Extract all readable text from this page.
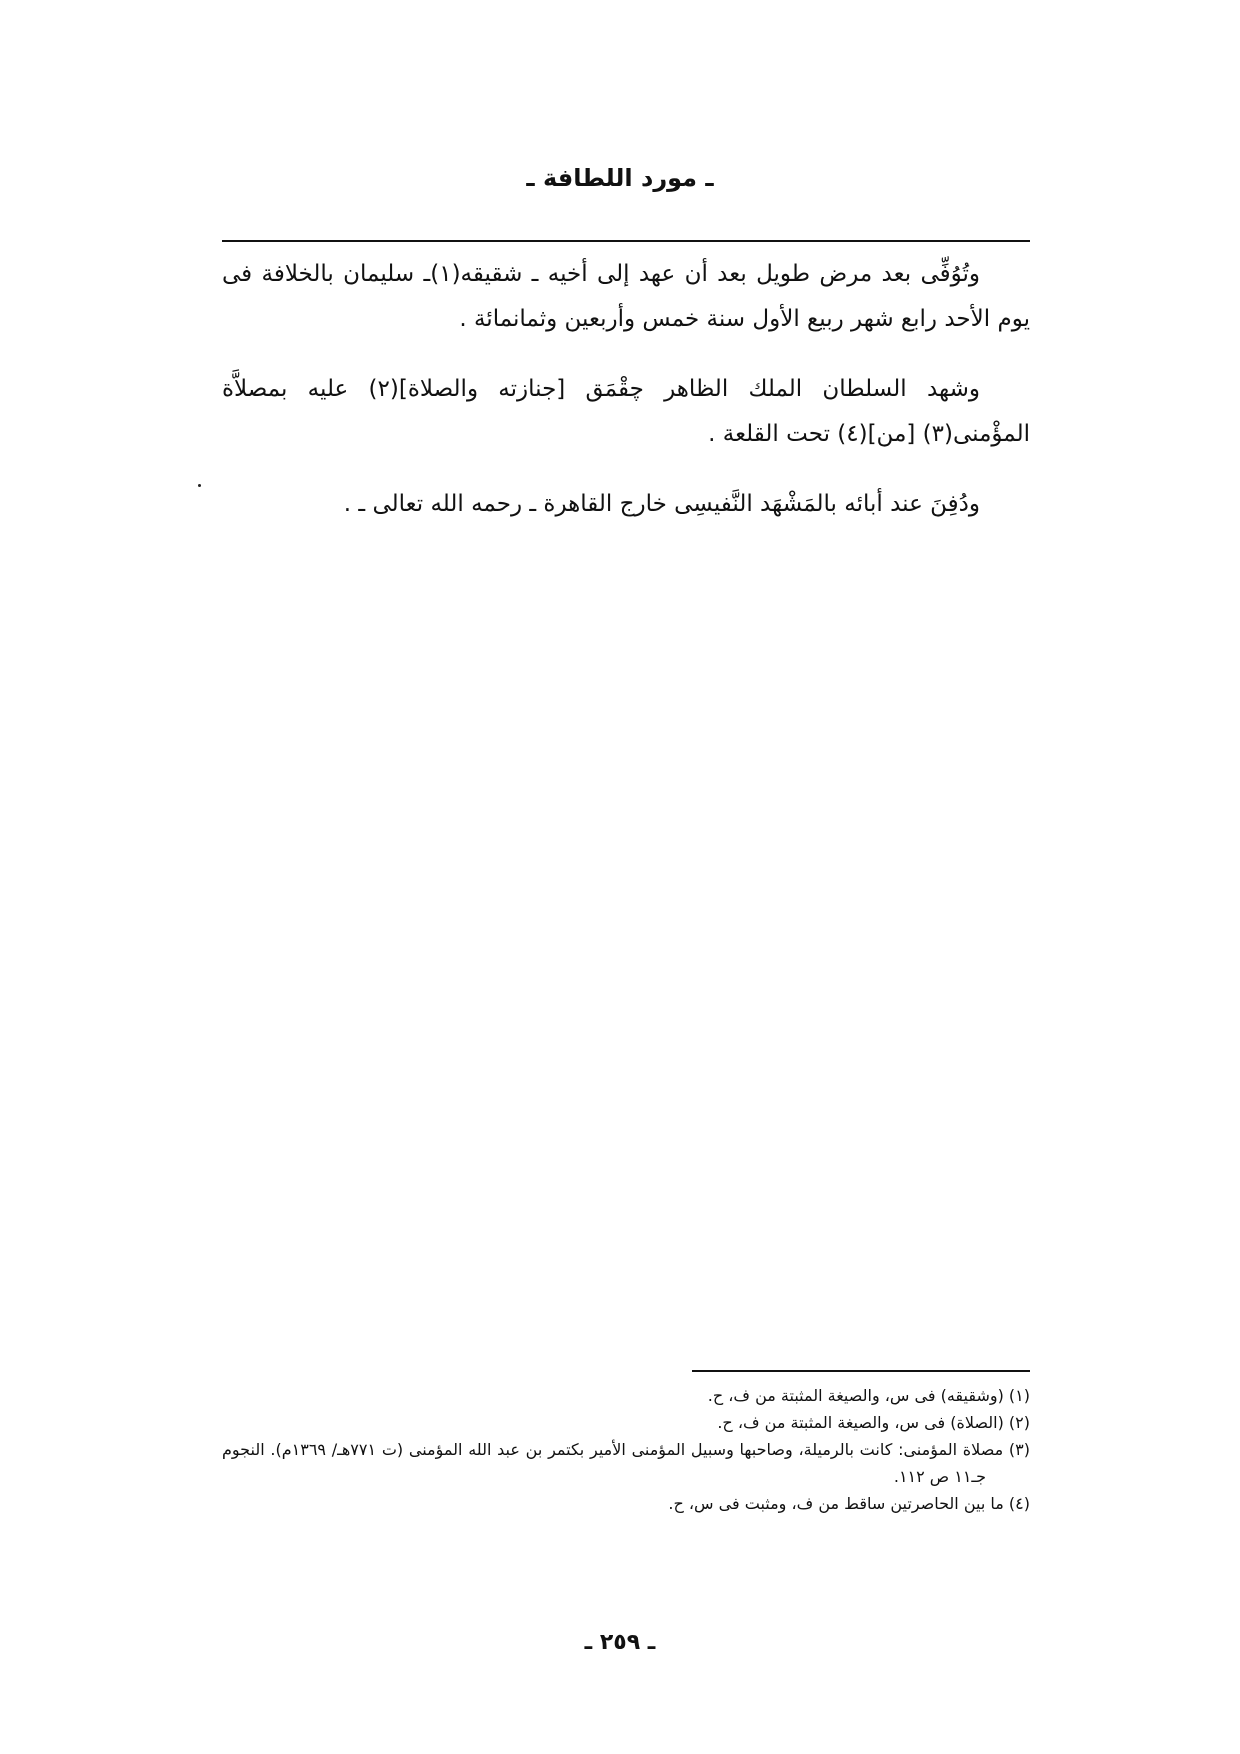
ـ مورد اللطافة ـ

وتُوُفِّى بعد مرض طويل بعد أن عهد إلى أخيه ـ شقيقه(١)ـ سليمان بالخلافة فى يوم الأحد رابع شهر ربيع الأول سنة خمس وأربعين وثمانمائة .

وشهد السلطان الملك الظاهر چقْمَق [جنازته والصلاة](٢) عليه بمصلاَّة المؤْمنى(٣) [من](٤) تحت القلعة .

ودُفِنَ عند أبائه بالمَشْهَد النَّفيسِى خارج القاهرة ـ رحمه الله تعالى ـ .

(١) (وشقيقه) فى س، والصيغة المثبتة من ف، ح.

(٢) (الصلاة) فى س، والصيغة المثبتة من ف، ح.

(٣) مصلاة المؤمنى: كانت بالرميلة، وصاحبها وسبيل المؤمنى الأمير بكتمر بن عبد الله المؤمنى (ت ٧٧١هـ/ ١٣٦٩م). النجوم جـ١١ ص ١١٢.

(٤) ما بين الحاصرتين ساقط من ف، ومثبت فى س، ح.

ـ ٢٥٩ ـ
